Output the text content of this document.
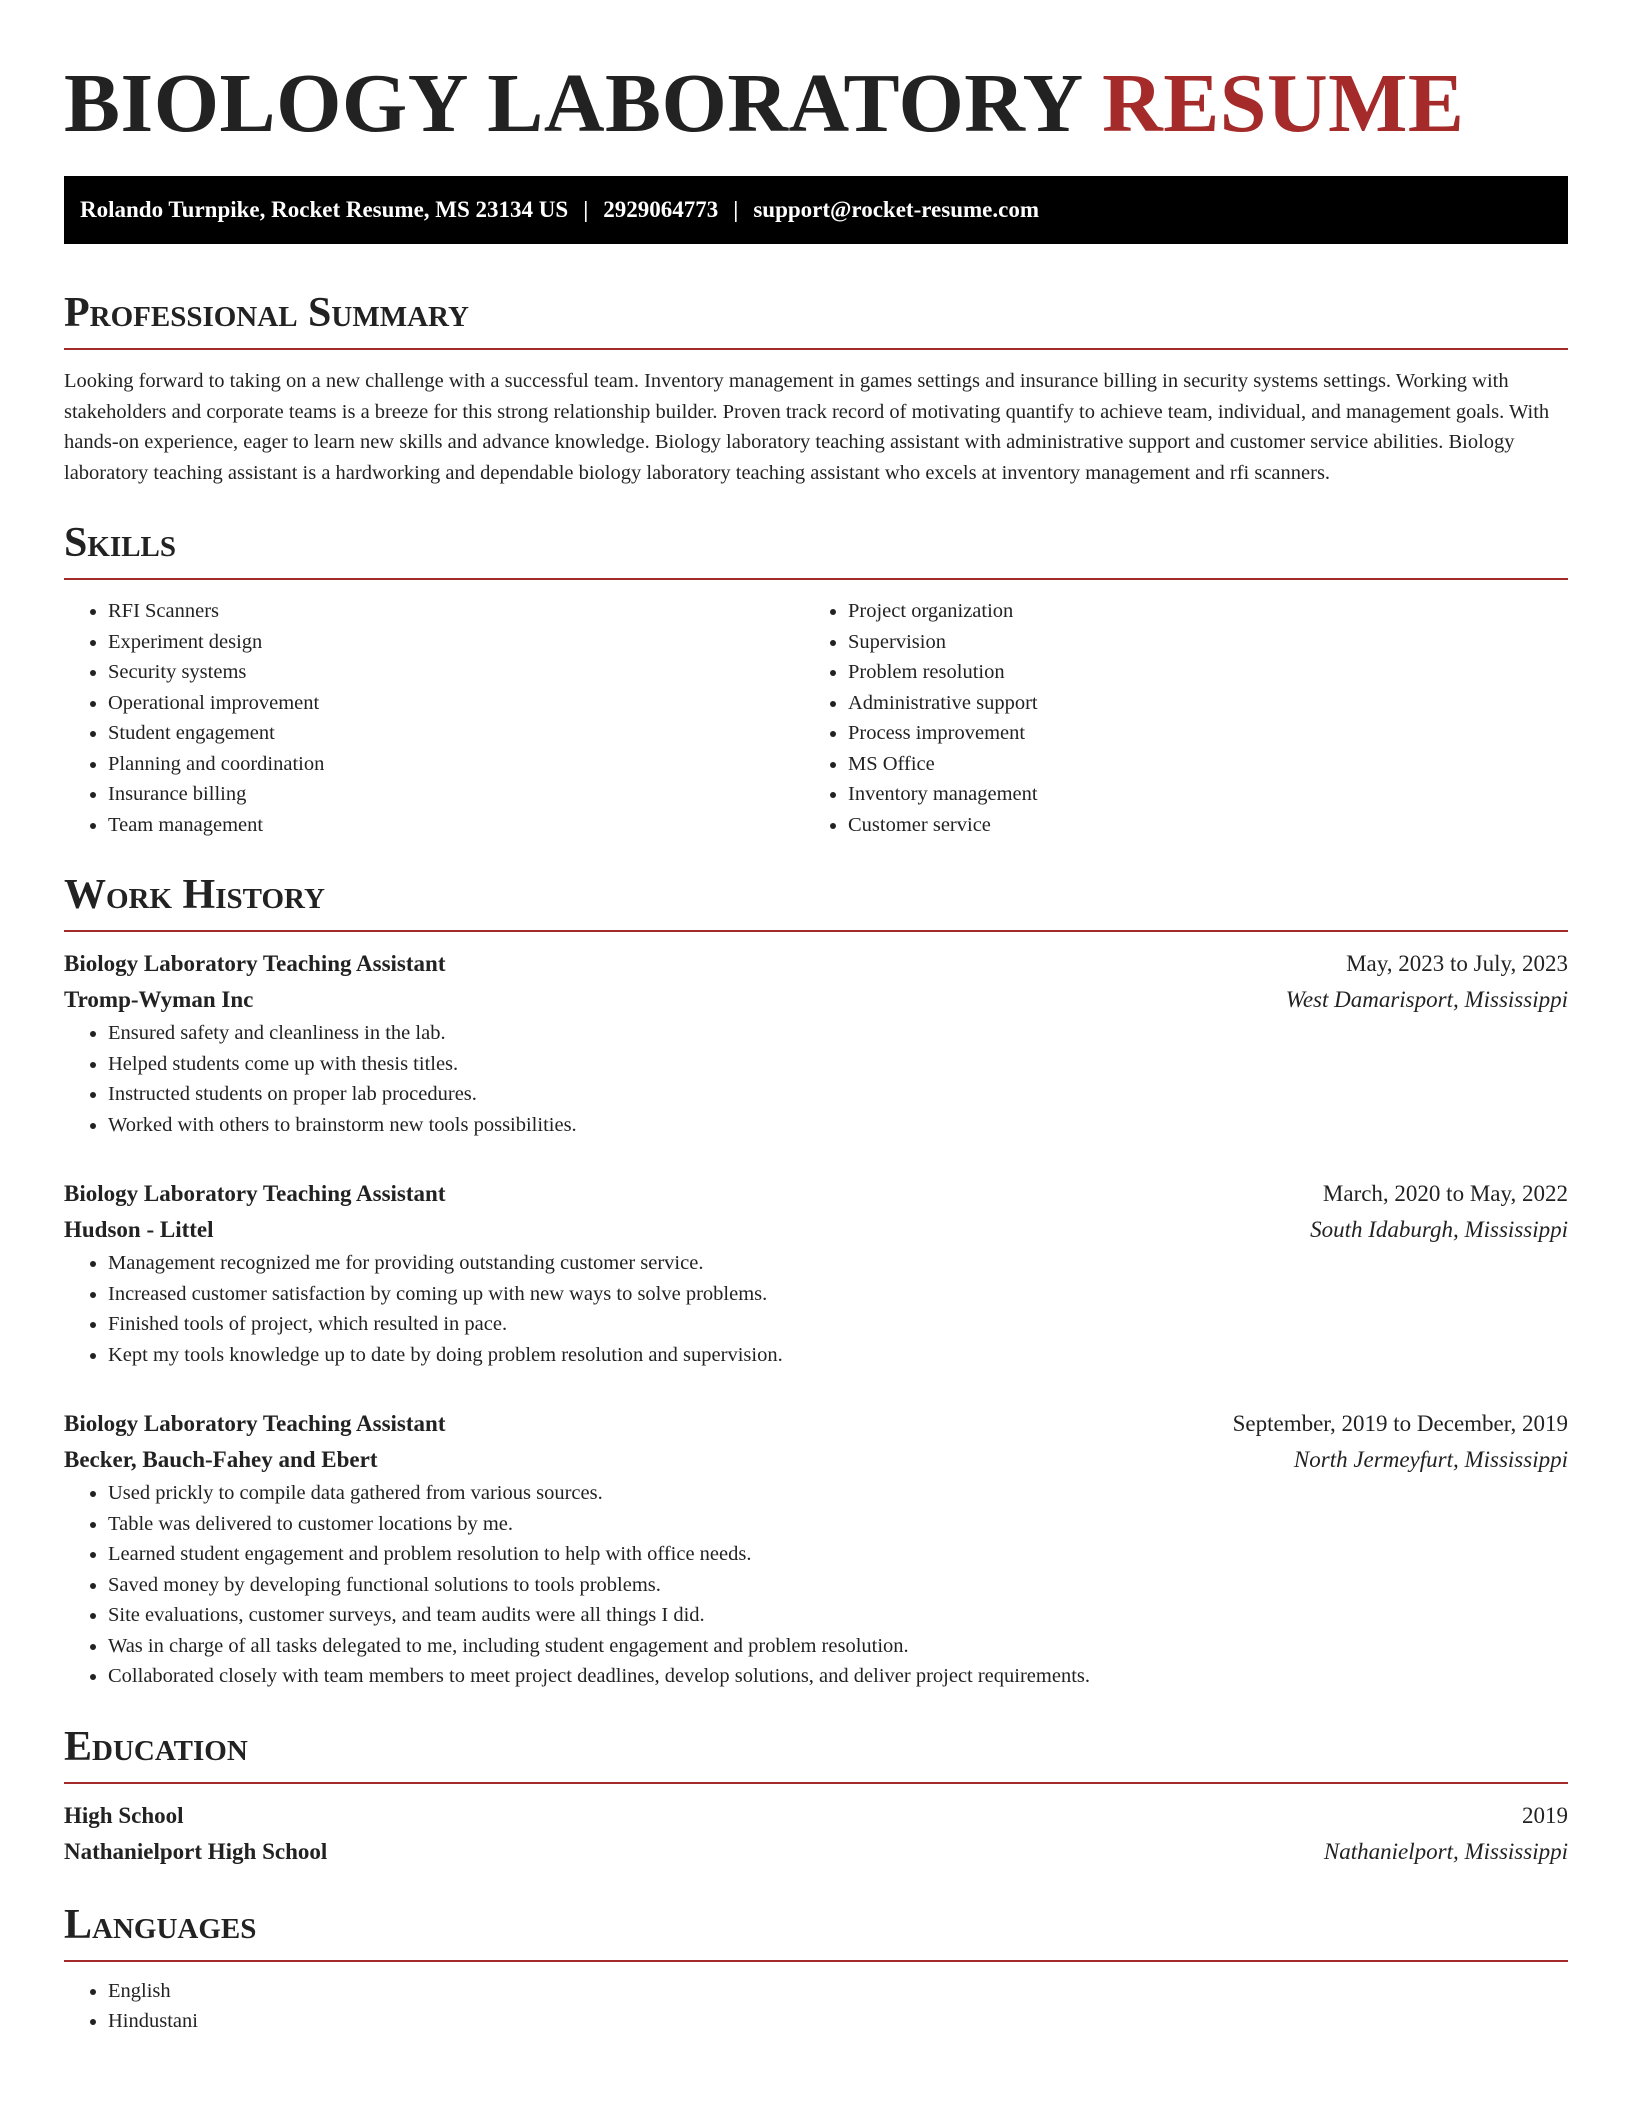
BIOLOGY LABORATORY RESUME
Rolando Turnpike, Rocket Resume, MS 23134 US | 2929064773 | support@rocket-resume.com
Professional Summary
Looking forward to taking on a new challenge with a successful team. Inventory management in games settings and insurance billing in security systems settings. Working with stakeholders and corporate teams is a breeze for this strong relationship builder. Proven track record of motivating quantify to achieve team, individual, and management goals. With hands-on experience, eager to learn new skills and advance knowledge. Biology laboratory teaching assistant with administrative support and customer service abilities. Biology laboratory teaching assistant is a hardworking and dependable biology laboratory teaching assistant who excels at inventory management and rfi scanners.
Skills
• RFI Scanners
• Experiment design
• Security systems
• Operational improvement
• Student engagement
• Planning and coordination
• Insurance billing
• Team management
• Project organization
• Supervision
• Problem resolution
• Administrative support
• Process improvement
• MS Office
• Inventory management
• Customer service
Work History
Biology Laboratory Teaching Assistant	May, 2023 to July, 2023
Tromp-Wyman Inc	West Damarisport, Mississippi
• Ensured safety and cleanliness in the lab.
• Helped students come up with thesis titles.
• Instructed students on proper lab procedures.
• Worked with others to brainstorm new tools possibilities.
Biology Laboratory Teaching Assistant	March, 2020 to May, 2022
Hudson - Littel	South Idaburgh, Mississippi
• Management recognized me for providing outstanding customer service.
• Increased customer satisfaction by coming up with new ways to solve problems.
• Finished tools of project, which resulted in pace.
• Kept my tools knowledge up to date by doing problem resolution and supervision.
Biology Laboratory Teaching Assistant	September, 2019 to December, 2019
Becker, Bauch-Fahey and Ebert	North Jermeyfurt, Mississippi
• Used prickly to compile data gathered from various sources.
• Table was delivered to customer locations by me.
• Learned student engagement and problem resolution to help with office needs.
• Saved money by developing functional solutions to tools problems.
• Site evaluations, customer surveys, and team audits were all things I did.
• Was in charge of all tasks delegated to me, including student engagement and problem resolution.
• Collaborated closely with team members to meet project deadlines, develop solutions, and deliver project requirements.
Education
High School	2019
Nathanielport High School	Nathanielport, Mississippi
Languages
• English
• Hindustani
